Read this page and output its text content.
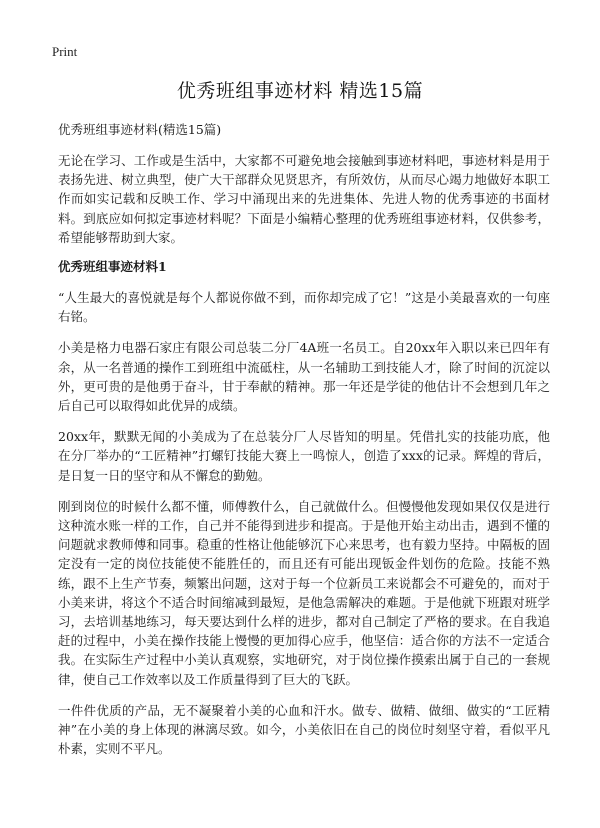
Print
优秀班组事迹材料 精选15篇

优秀班组事迹材料(精选15篇)

无论在学习、工作或是生活中，大家都不可避免地会接触到事迹材料吧，事迹材料是用于表扬先进、树立典型，使广大干部群众见贤思齐，有所效仿，从而尽心竭力地做好本职工作而如实记载和反映工作、学习中涌现出来的先进集体、先进人物的优秀事迹的书面材料。到底应如何拟定事迹材料呢？下面是小编精心整理的优秀班组事迹材料，仅供参考，希望能够帮助到大家。

优秀班组事迹材料1

“人生最大的喜悦就是每个人都说你做不到，而你却完成了它！”这是小美最喜欢的一句座右铭。

小美是格力电器石家庄有限公司总装二分厂4A班一名员工。自20xx年入职以来已四年有余，从一名普通的操作工到班组中流砥柱，从一名辅助工到技能人才，除了时间的沉淀以外，更可贵的是他勇于奋斗，甘于奉献的精神。那一年还是学徒的他估计不会想到几年之后自己可以取得如此优异的成绩。

20xx年，默默无闻的小美成为了在总装分厂人尽皆知的明星。凭借扎实的技能功底，他在分厂举办的“工匠精神”打螺钉技能大赛上一鸣惊人，创造了xxx的记录。辉煌的背后，是日复一日的坚守和从不懈怠的勤勉。

刚到岗位的时候什么都不懂，师傅教什么，自己就做什么。但慢慢他发现如果仅仅是进行这种流水账一样的工作，自己并不能得到进步和提高。于是他开始主动出击，遇到不懂的问题就求教师傅和同事。稳重的性格让他能够沉下心来思考，也有毅力坚持。中隔板的固定没有一定的岗位技能使不能胜任的，而且还有可能出现钣金件划伤的危险。技能不熟练，跟不上生产节奏，频繁出问题，这对于每一个位新员工来说都会不可避免的，而对于小美来讲，将这个不适合时间缩减到最短，是他急需解决的难题。于是他就下班跟对班学习，去培训基地练习，每天要达到什么样的进步，都对自己制定了严格的要求。在自我追赶的过程中，小美在操作技能上慢慢的更加得心应手，他坚信：适合你的方法不一定适合我。在实际生产过程中小美认真观察，实地研究，对于岗位操作摸索出属于自己的一套规律，使自己工作效率以及工作质量得到了巨大的飞跃。

一件件优质的产品，无不凝聚着小美的心血和汗水。做专、做精、做细、做实的“工匠精神”在小美的身上体现的淋漓尽致。如今，小美依旧在自己的岗位时刻坚守着，看似平凡朴素，实则不平凡。
